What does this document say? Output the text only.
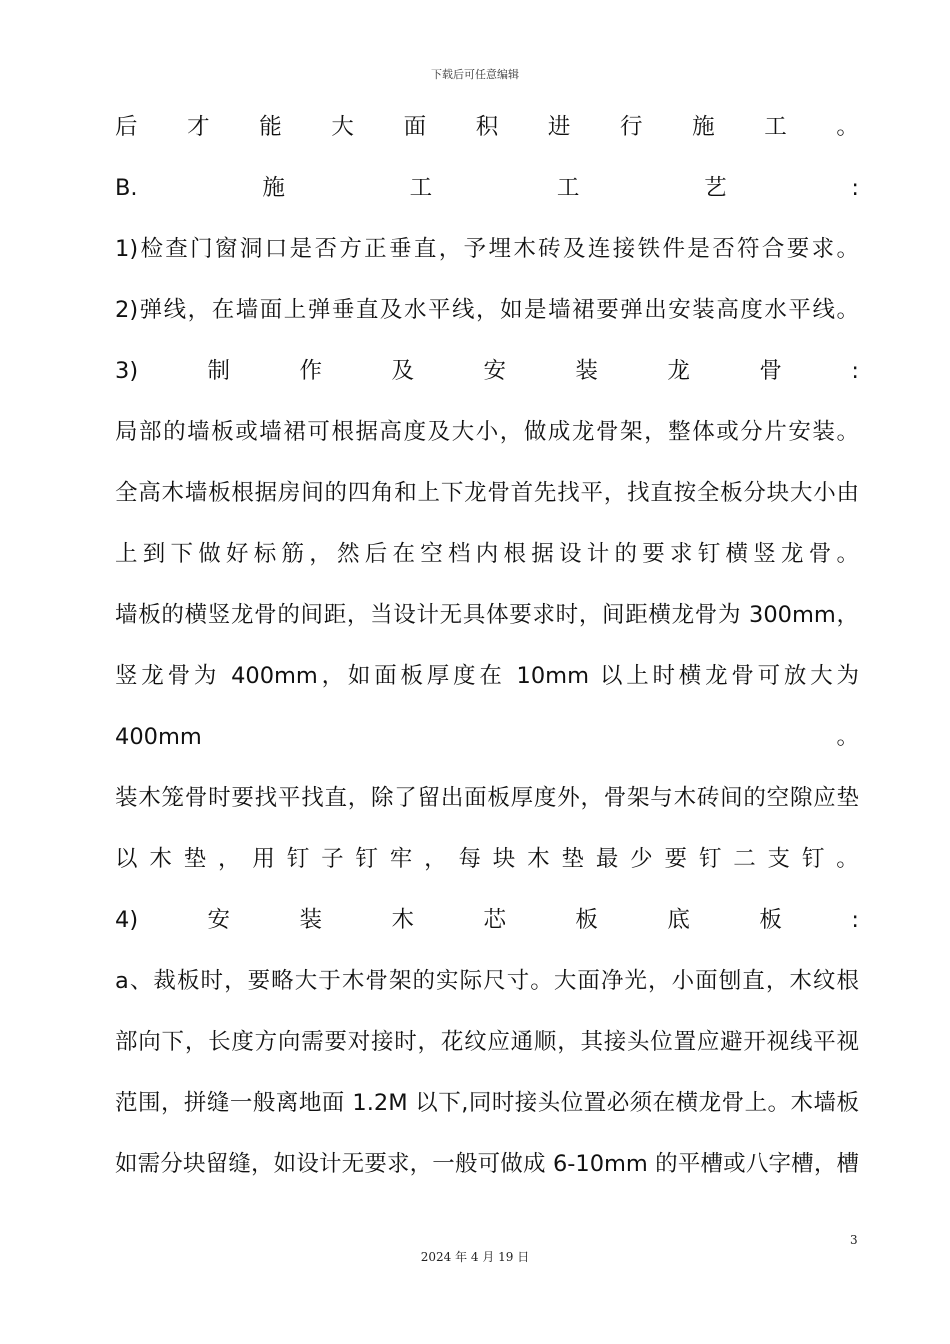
下载后可任意编辑
后 才 能 大 面 积 进 行 施 工 。
B.	施	工	工	艺	:
1)检查门窗洞口是否方正垂直，予埋木砖及连接铁件是否符合要求。
2)弹线，在墙面上弹垂直及水平线，如是墙裙要弹出安装高度水平线。
3)	制	作	及	安	装	龙	骨	:
局部的墙板或墙裙可根据高度及大小，做成龙骨架，整体或分片安装。
全高木墙板根据房间的四角和上下龙骨首先找平，找直按全板分块大小由
上到下做好标筋，然后在空档内根据设计的要求钉横竖龙骨。
墙板的横竖龙骨的间距，当设计无具体要求时，间距横龙骨为 300mm，
竖龙骨为 400mm，如面板厚度在 10mm 以上时横龙骨可放大为
400mm	。
装木笼骨时要找平找直，除了留出面板厚度外，骨架与木砖间的空隙应垫
以 木 垫 ， 用 钉 子 钉 牢 ， 每 块 木 垫 最 少 要 钉 二 支 钉 。
4)	安	装	木	芯	板	底	板	:
a、裁板时，要略大于木骨架的实际尺寸。大面净光，小面刨直，木纹根
部向下，长度方向需要对接时，花纹应通顺，其接头位置应避开视线平视
范围，拼缝一般离地面 1.2M 以下,同时接头位置必须在横龙骨上。木墙板
如需分块留缝，如设计无要求，一般可做成 6-10mm 的平槽或八字槽，槽
3
2024 年 4 月 19 日
